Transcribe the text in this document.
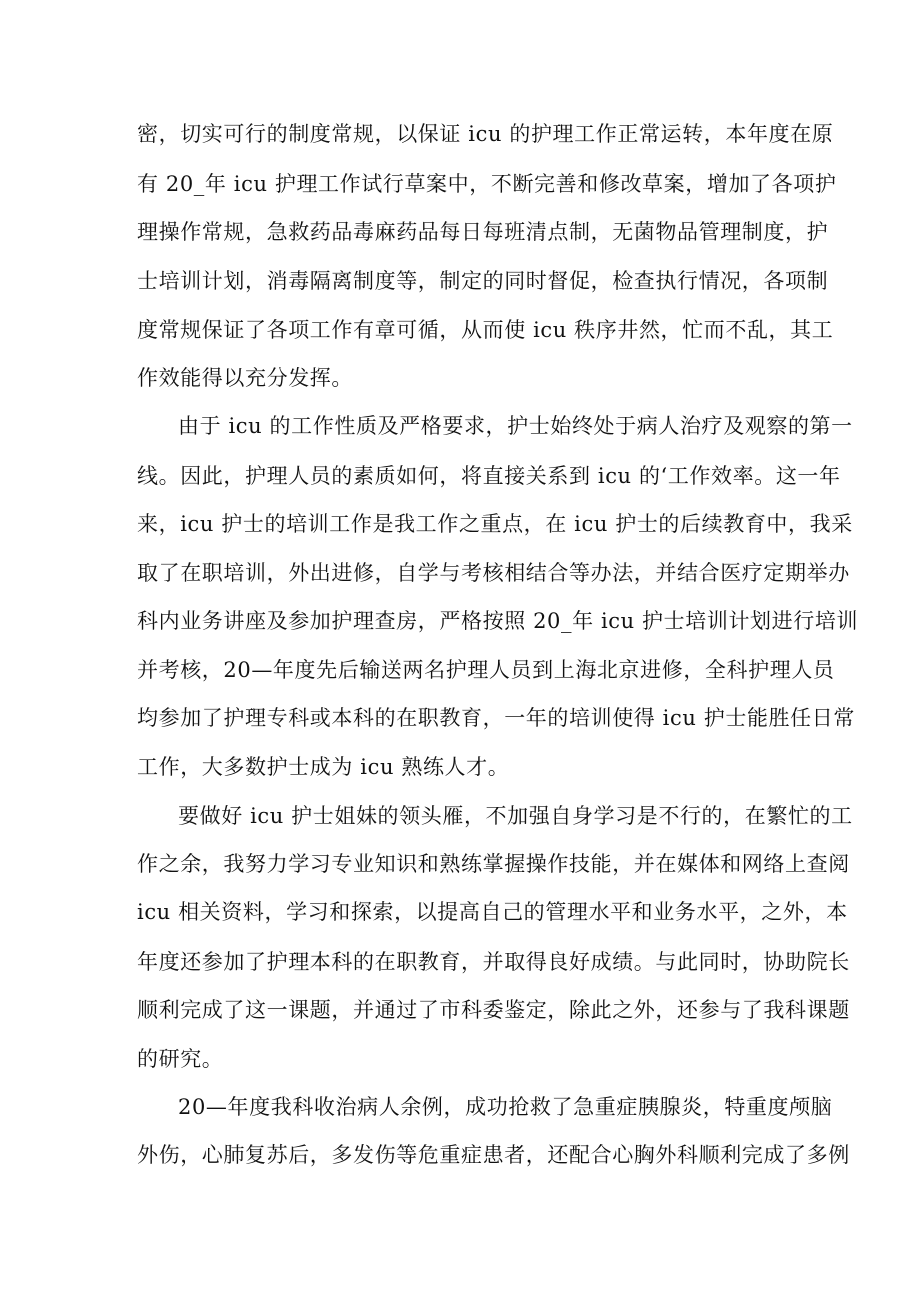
密，切实可行的制度常规，以保证 icu 的护理工作正常运转，本年度在原
有 20_年 icu 护理工作试行草案中，不断完善和修改草案，增加了各项护
理操作常规，急救药品毒麻药品每日每班清点制，无菌物品管理制度，护
士培训计划，消毒隔离制度等，制定的同时督促，检查执行情况，各项制
度常规保证了各项工作有章可循，从而使 icu 秩序井然，忙而不乱，其工
作效能得以充分发挥。
由于 icu 的工作性质及严格要求，护士始终处于病人治疗及观察的第一
线。因此，护理人员的素质如何，将直接关系到 icu 的‘工作效率。这一年
来，icu 护士的培训工作是我工作之重点，在 icu 护士的后续教育中，我采
取了在职培训，外出进修，自学与考核相结合等办法，并结合医疗定期举办
科内业务讲座及参加护理查房，严格按照 20_年 icu 护士培训计划进行培训
并考核，20—年度先后输送两名护理人员到上海北京进修，全科护理人员
均参加了护理专科或本科的在职教育，一年的培训使得 icu 护士能胜任日常
工作，大多数护士成为 icu 熟练人才。
要做好 icu 护士姐妹的领头雁，不加强自身学习是不行的，在繁忙的工
作之余，我努力学习专业知识和熟练掌握操作技能，并在媒体和网络上查阅
icu 相关资料，学习和探索，以提高自己的管理水平和业务水平，之外，本
年度还参加了护理本科的在职教育，并取得良好成绩。与此同时，协助院长
顺利完成了这一课题，并通过了市科委鉴定，除此之外，还参与了我科课题
的研究。
20—年度我科收治病人余例，成功抢救了急重症胰腺炎，特重度颅脑
外伤，心肺复苏后，多发伤等危重症患者，还配合心胸外科顺利完成了多例
